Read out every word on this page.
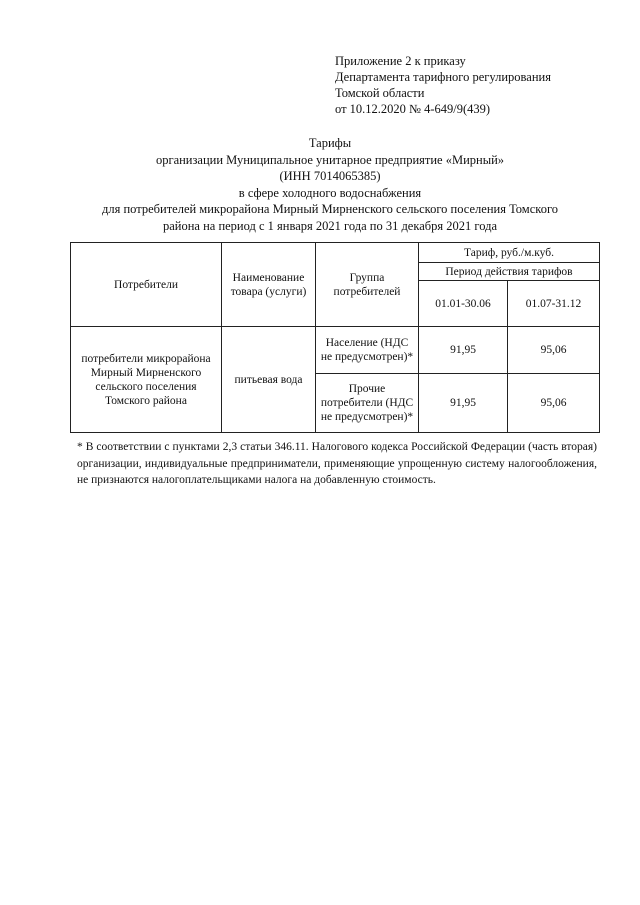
Приложение 2 к приказу
Департамента тарифного регулирования
Томской области
от 10.12.2020 № 4-649/9(439)
Тарифы
организации Муниципальное унитарное предприятие «Мирный»
(ИНН 7014065385)
в сфере холодного водоснабжения
для потребителей микрорайона Мирный Мирненского сельского поселения Томского
района на период с 1 января 2021 года по 31 декабря 2021 года
Потребители	Наименование товара (услуги)	Группа потребителей	Тариф, руб./м.куб.	
			Период действия тарифов	
			01.01-30.06	01.07-31.12
потребители микрорайона Мирный Мирненского сельского поселения Томского района	питьевая вода	Население (НДС не предусмотрен)*	91,95	95,06
		Прочие потребители (НДС не предусмотрен)*	91,95	95,06
* В соответствии с пунктами 2,3 статьи 346.11. Налогового кодекса Российской Федерации (часть вторая) организации, индивидуальные предприниматели, применяющие упрощенную систему налогообложения, не признаются налогоплательщиками налога на добавленную стоимость.
